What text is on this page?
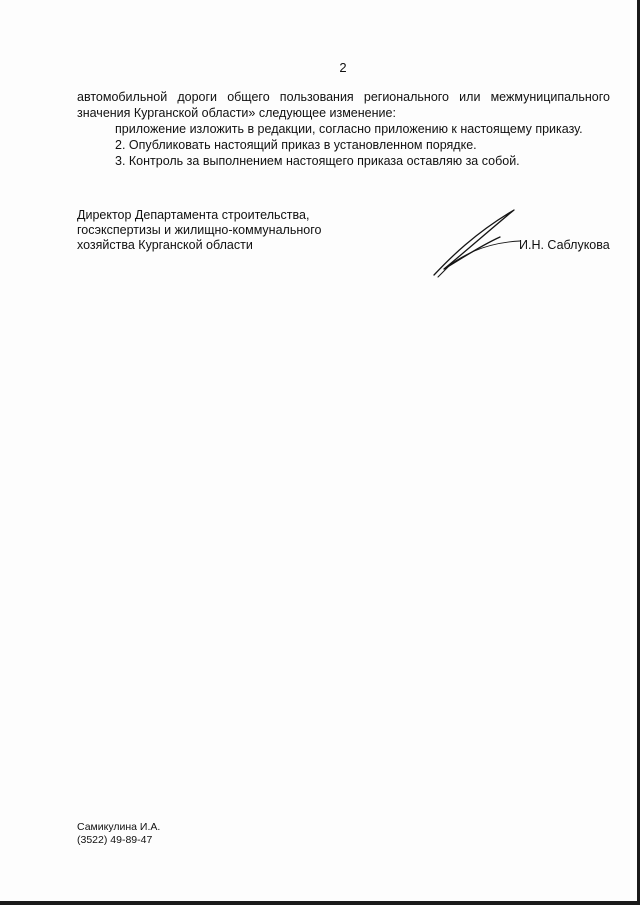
2
автомобильной дороги общего пользования регионального или межмуниципального
значения Курганской области» следующее изменение:
приложение изложить в редакции, согласно приложению к настоящему приказу.
2. Опубликовать настоящий приказ в установленном порядке.
3. Контроль за выполнением настоящего приказа оставляю за собой.
Директор Департамента строительства,
госэкспертизы и жилищно-коммунального
хозяйства Курганской области	И.Н. Саблукова
Самикулина И.А.
(3522) 49-89-47
